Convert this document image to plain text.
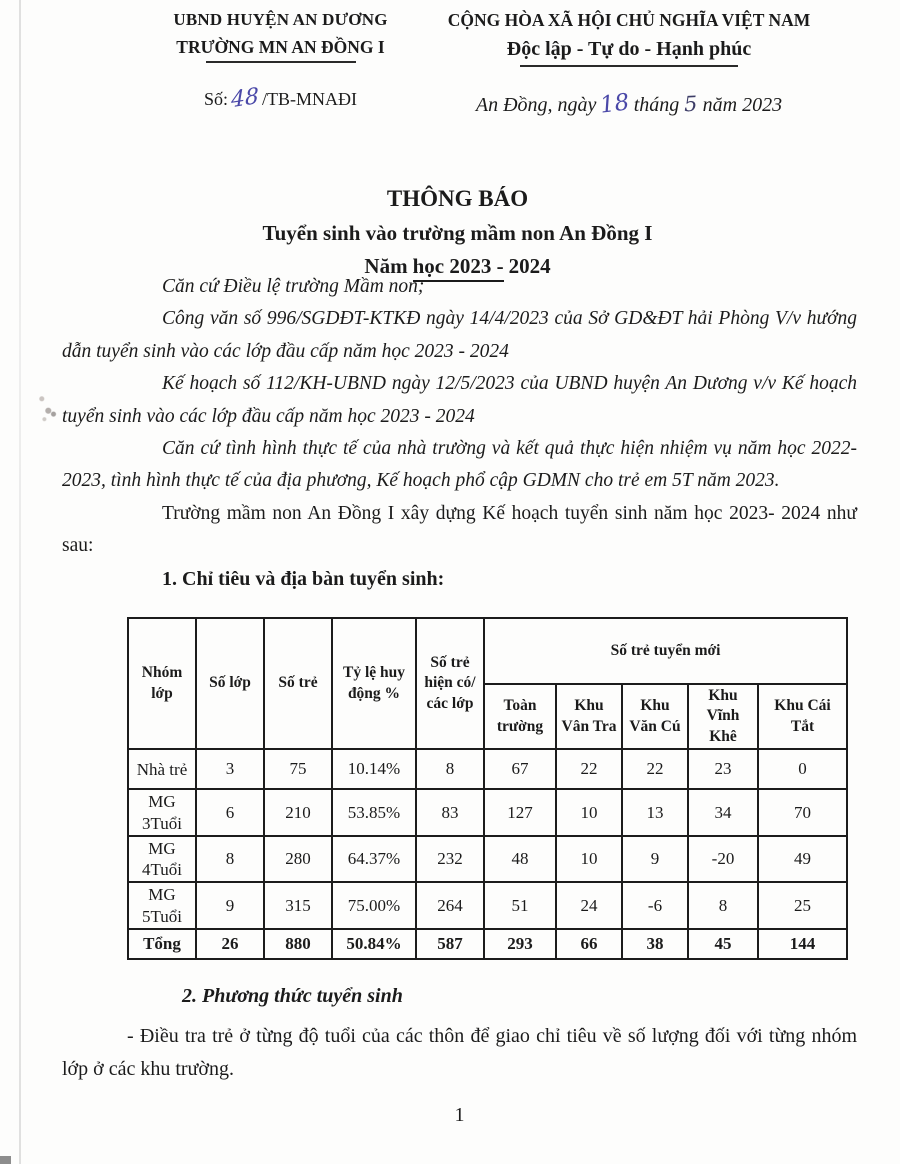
UBND HUYỆN AN DƯƠNG
TRƯỜNG MN AN ĐỒNG I
Số: 48 /TB-MNAĐI
CỘNG HÒA XÃ HỘI CHỦ NGHĨA VIỆT NAM
Độc lập - Tự do - Hạnh phúc
An Đồng, ngày 18 tháng 5 năm 2023
THÔNG BÁO
Tuyển sinh vào trường mầm non An Đồng I
Năm học 2023 - 2024

Căn cứ Điều lệ trường Mầm non;

Công văn số 996/SGDĐT-KTKĐ ngày 14/4/2023 của Sở GD&ĐT hải Phòng V/v hướng dẫn tuyển sinh vào các lớp đầu cấp năm học 2023 - 2024

Kế hoạch số 112/KH-UBND ngày 12/5/2023 của UBND huyện An Dương v/v Kế hoạch tuyển sinh vào các lớp đầu cấp năm học 2023 - 2024

Căn cứ tình hình thực tế của nhà trường và kết quả thực hiện nhiệm vụ năm học 2022-2023, tình hình thực tế của địa phương, Kế hoạch phổ cập GDMN cho trẻ em 5T năm 2023.

Trường mầm non An Đồng I xây dựng Kế hoạch tuyển sinh năm học 2023- 2024 như sau:

1. Chỉ tiêu và địa bàn tuyển sinh:

Nhóm lớp	Số lớp	Số trẻ	Tỷ lệ huy động %	Số trẻ hiện có/ các lớp	Số trẻ tuyển mới				
					Toàn trường	Khu Vân Tra	Khu Văn Cú	Khu Vĩnh Khê	Khu Cái Tắt
Nhà trẻ	3	75	10.14%	8	67	22	22	23	0
MG 3Tuổi	6	210	53.85%	83	127	10	13	34	70
MG 4Tuổi	8	280	64.37%	232	48	10	9	-20	49
MG 5Tuổi	9	315	75.00%	264	51	24	-6	8	25
Tổng	26	880	50.84%	587	293	66	38	45	144

2. Phương thức tuyển sinh

- Điều tra trẻ ở từng độ tuổi của các thôn để giao chỉ tiêu về số lượng đối với từng nhóm lớp ở các khu trường.

1
